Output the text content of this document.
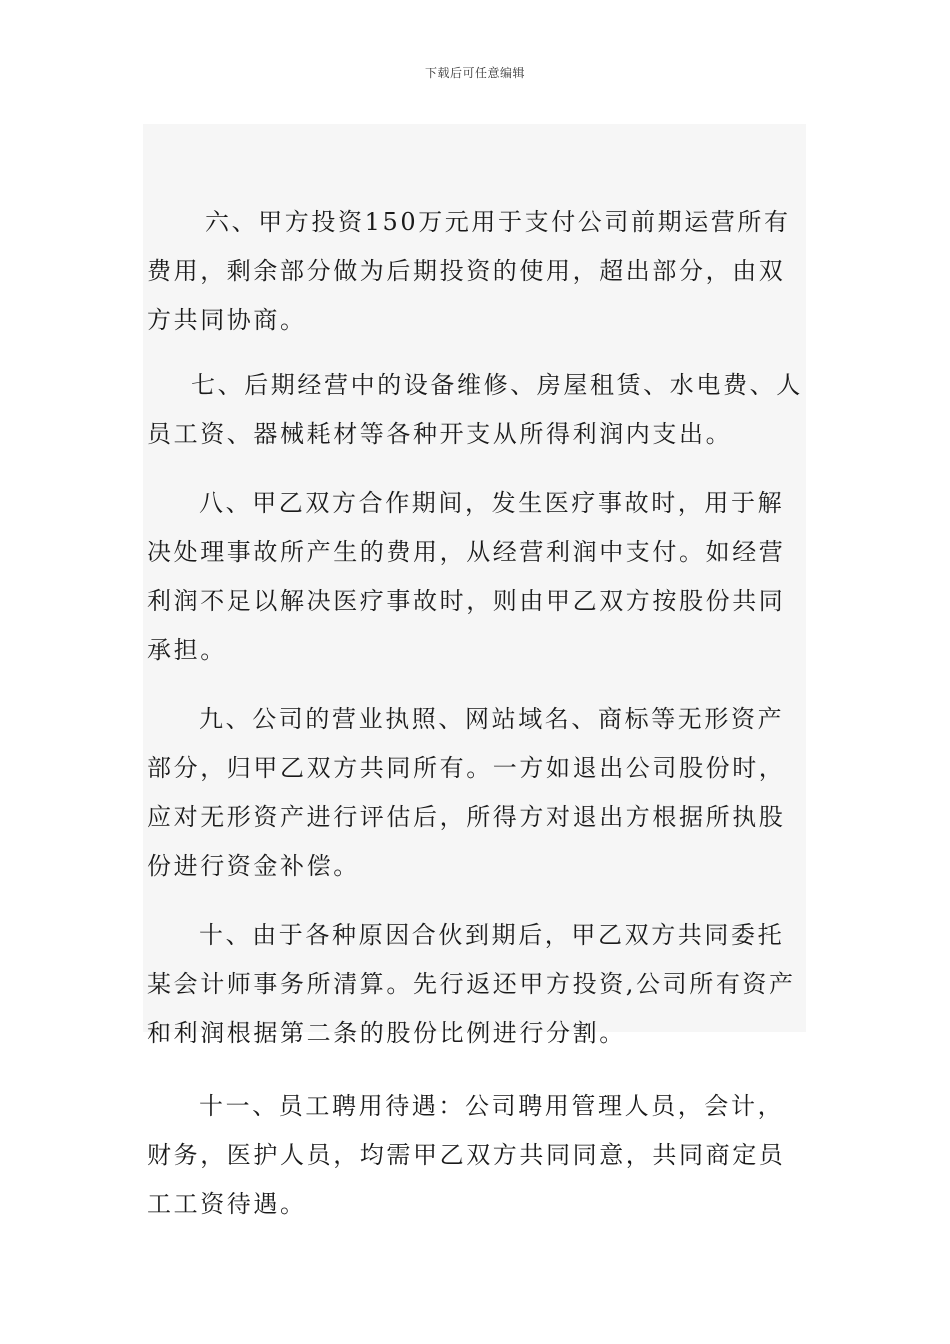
下载后可任意编辑

六、甲方投资150万元用于支付公司前期运营所有费用，剩余部分做为后期投资的使用，超出部分，由双方共同协商。

七、后期经营中的设备维修、房屋租赁、水电费、人员工资、器械耗材等各种开支从所得利润内支出。

八、甲乙双方合作期间，发生医疗事故时，用于解决处理事故所产生的费用，从经营利润中支付。如经营利润不足以解决医疗事故时，则由甲乙双方按股份共同承担。

九、公司的营业执照、网站域名、商标等无形资产部分，归甲乙双方共同所有。一方如退出公司股份时，应对无形资产进行评估后，所得方对退出方根据所执股份进行资金补偿。

十、由于各种原因合伙到期后，甲乙双方共同委托某会计师事务所清算。先行返还甲方投资,公司所有资产和利润根据第二条的股份比例进行分割。

十一、员工聘用待遇：公司聘用管理人员，会计，财务，医护人员，均需甲乙双方共同同意，共同商定员工工资待遇。
